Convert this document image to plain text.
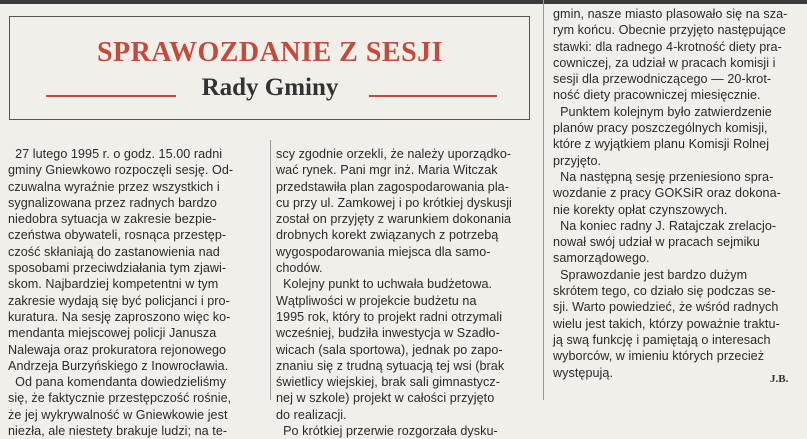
SPRAWOZDANIE Z SESJI
Rady Gminy

27 lutego 1995 r. o godz. 15.00 radni
gminy Gniewkowo rozpoczęli sesję. Od-
czuwalna wyraźnie przez wszystkich i
sygnalizowana przez radnych bardzo
niedobra sytuacja w zakresie bezpie-
czeństwa obywateli, rosnąca przestęp-
czość skłaniają do zastanowienia nad
sposobami przeciwdziałania tym zjawi-
skom. Najbardziej kompetentni w tym
zakresie wydają się być policjanci i pro-
kuratura. Na sesję zaproszono więc ko-
mendanta miejscowej policji Janusza
Nalewaja oraz prokuratora rejonowego
Andrzeja Burzyńskiego z Inowrocławia.
Od pana komendanta dowiedzieliśmy
się, że faktycznie przestępczość rośnie,
że jej wykrywalność w Gniewkowie jest
niezła, ale niestety brakuje ludzi; na te-

scy zgodnie orzekli, że należy uporządko-
wać rynek. Pani mgr inż. Maria Witczak
przedstawiła plan zagospodarowania pla-
cu przy ul. Zamkowej i po krótkiej dyskusji
został on przyjęty z warunkiem dokonania
drobnych korekt związanych z potrzebą
wygospodarowania miejsca dla samo-
chodów.
Kolejny punkt to uchwała budżetowa.
Wątpliwości w projekcie budżetu na
1995 rok, który to projekt radni otrzymali
wcześniej, budziła inwestycja w Szadło-
wicach (sala sportowa), jednak po zapo-
znaniu się z trudną sytuacją tej wsi (brak
świetlicy wiejskiej, brak sali gimnastycz-
nej w szkole) projekt w całości przyjęto
do realizacji.
Po krótkiej przerwie rozgorzała dysku-

gmin, nasze miasto plasowało się na sza-
rym końcu. Obecnie przyjęto następujące
stawki: dla radnego 4-krotność diety pra-
cowniczej, za udział w pracach komisji i
sesji dla przewodniczącego — 20-krot-
ność diety pracowniczej miesięcznie.
Punktem kolejnym było zatwierdzenie
planów pracy poszczególnych komisji,
które z wyjątkiem planu Komisji Rolnej
przyjęto.
Na następną sesję przeniesiono spra-
wozdanie z pracy GOKSiR oraz dokona-
nie korekty opłat czynszowych.
Na koniec radny J. Ratajczak zrelacjo-
nował swój udział w pracach sejmiku
samorządowego.
Sprawozdanie jest bardzo dużym
skrótem tego, co działo się podczas se-
sji. Warto powiedzieć, że wśród radnych
wielu jest takich, którzy poważnie traktu-
ją swą funkcję i pamiętają o interesach
wyborców, w imieniu których przecież
występują.	J.B.
